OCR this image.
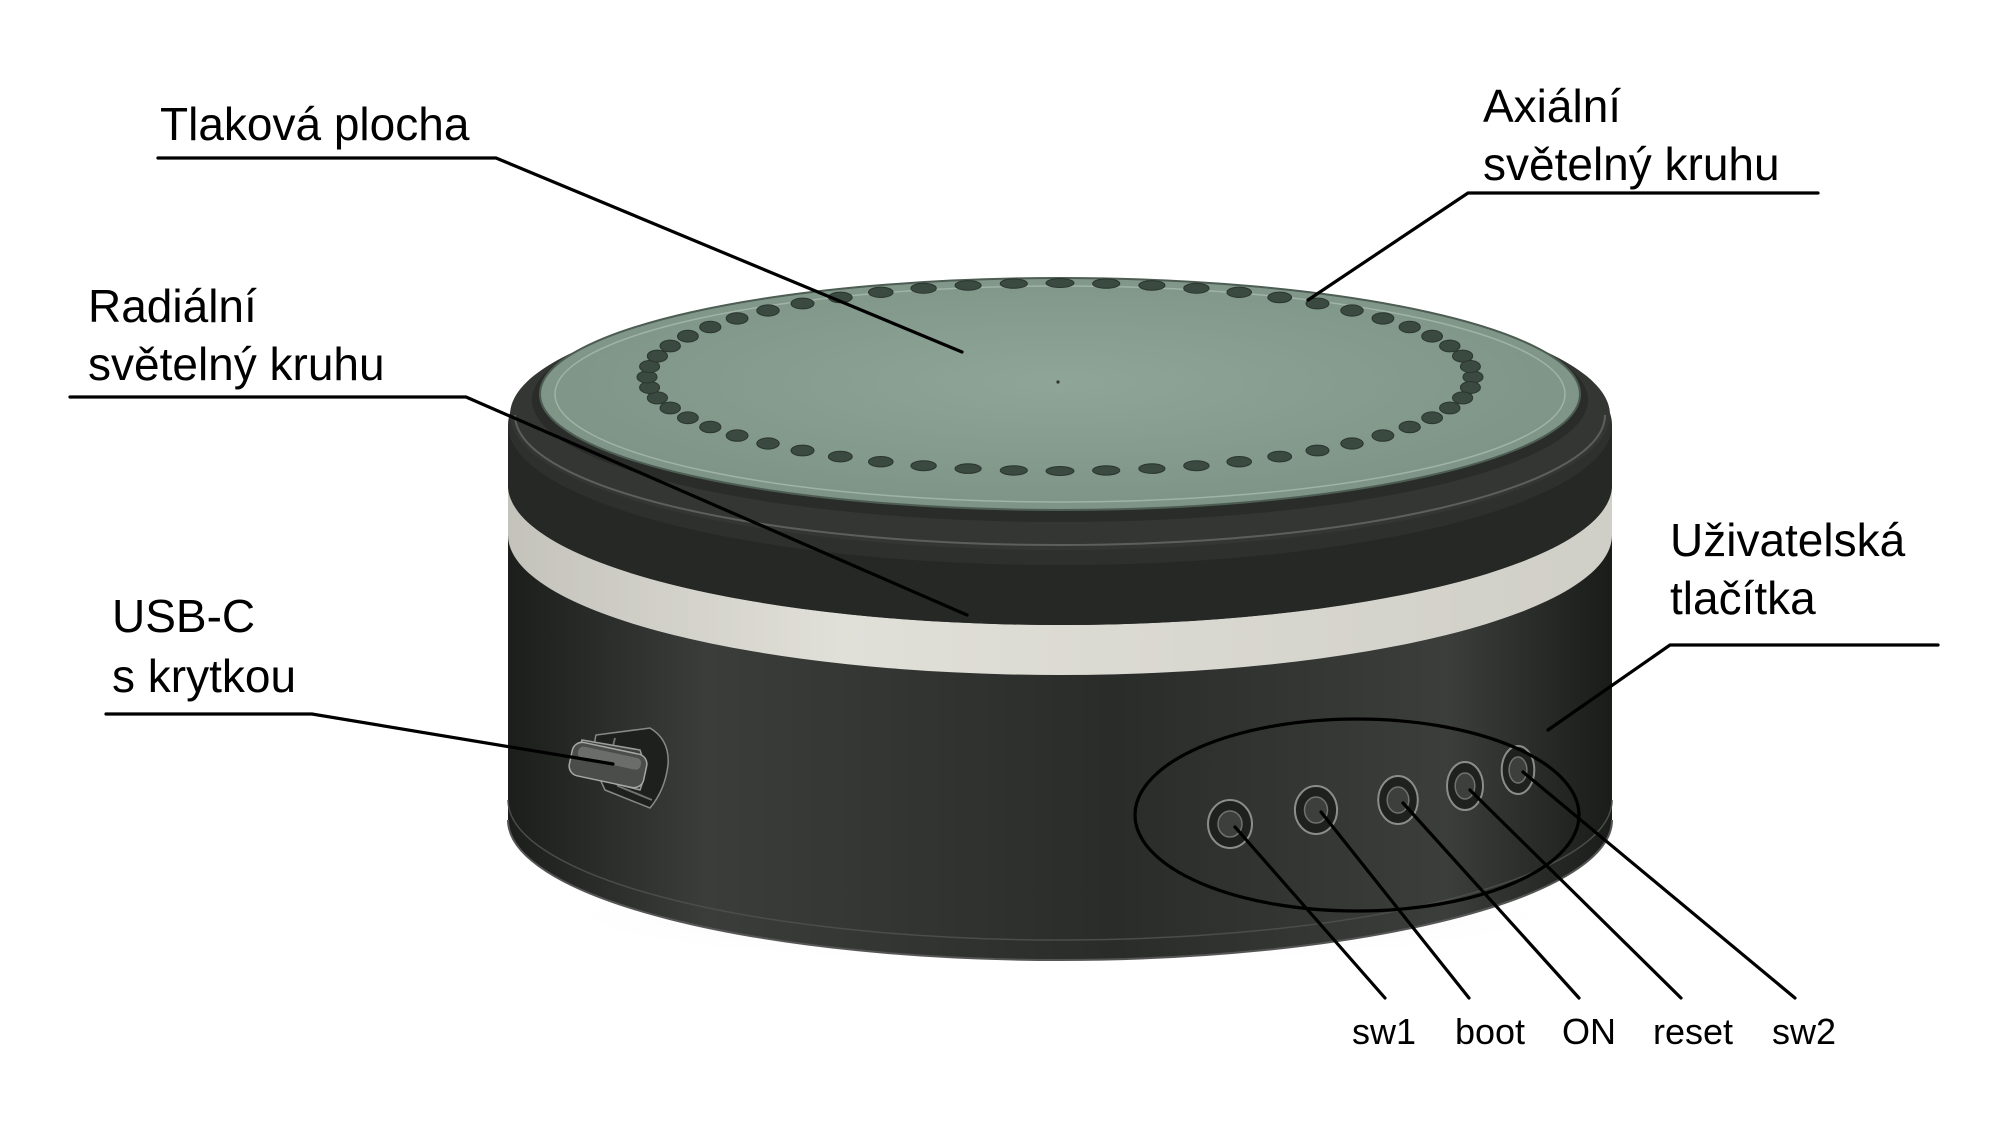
Tlaková plocha	Axiální
světelný kruhu
Radiální
světelný kruhu
USB-C
s krytkou
Uživatelská
tlačítka
sw1 boot ON reset sw2
